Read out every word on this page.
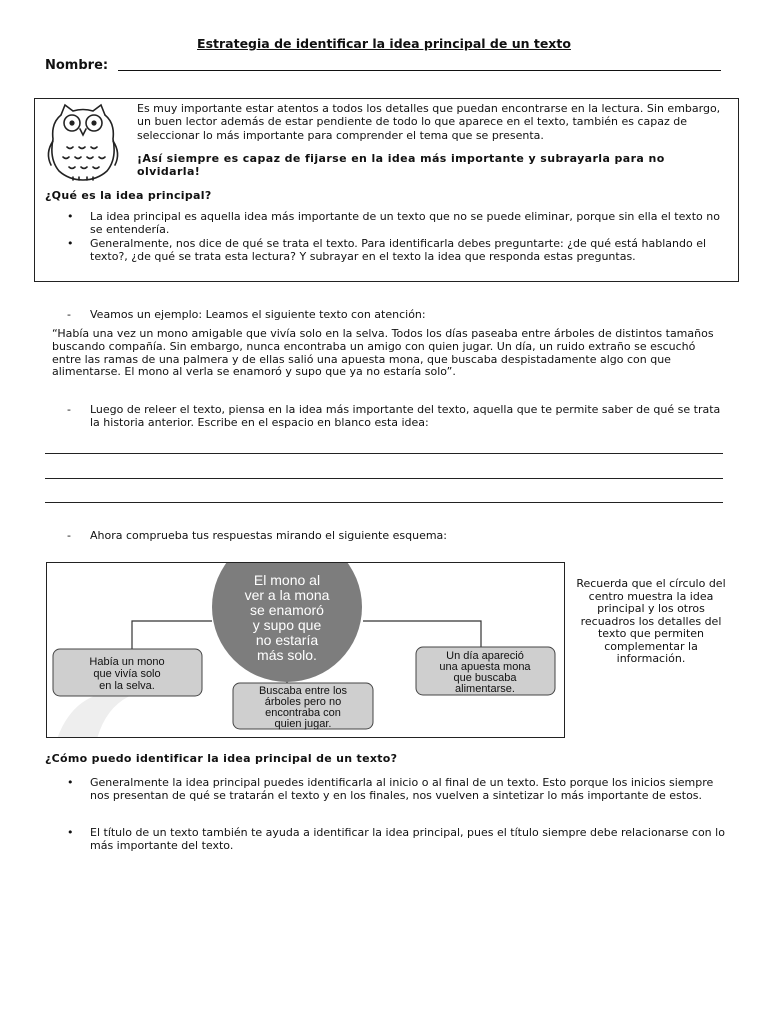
Estrategia de identificar la idea principal de un texto
Nombre:
Es muy importante estar atentos a todos los detalles que puedan encontrarse en la lectura. Sin embargo, un buen lector además de estar pendiente de todo lo que aparece en el texto, también es capaz de seleccionar lo más importante para comprender el tema que se presenta.
¡Así siempre es capaz de fijarse en la idea más importante y subrayarla para no olvidarla!
¿Qué es la idea principal?
• La idea principal es aquella idea más importante de un texto que no se puede eliminar, porque sin ella el texto no se entendería.
• Generalmente, nos dice de qué se trata el texto. Para identificarla debes preguntarte: ¿de qué está hablando el texto?, ¿de qué se trata esta lectura? Y subrayar en el texto la idea que responda estas preguntas.
- Veamos un ejemplo: Leamos el siguiente texto con atención:
“Había una vez un mono amigable que vivía solo en la selva. Todos los días paseaba entre árboles de distintos tamaños buscando compañía. Sin embargo, nunca encontraba un amigo con quien jugar. Un día, un ruido extraño se escuchó entre las ramas de una palmera y de ellas salió una apuesta mona, que buscaba despistadamente algo con que alimentarse. El mono al verla se enamoró y supo que ya no estaría solo”.
- Luego de releer el texto, piensa en la idea más importante del texto, aquella que te permite saber de qué se trata la historia anterior. Escribe en el espacio en blanco esta idea:
- Ahora comprueba tus respuestas mirando el siguiente esquema:
El mono al
ver a la mona
se enamoró
y supo que
no estaría
más solo.
Había un mono
que vivía solo
en la selva.	Buscaba entre los
árboles pero no
encontraba con
quien jugar.
Un día apareció
una apuesta mona
que buscaba
alimentarse.
Recuerda que el círculo del centro muestra la idea principal y los otros recuadros los detalles del texto que permiten complementar la información.
¿Cómo puedo identificar la idea principal de un texto?
• Generalmente la idea principal puedes identificarla al inicio o al final de un texto. Esto porque los inicios siempre nos presentan de qué se tratarán el texto y en los finales, nos vuelven a sintetizar lo más importante de estos.
• El título de un texto también te ayuda a identificar la idea principal, pues el título siempre debe relacionarse con lo más importante del texto.
